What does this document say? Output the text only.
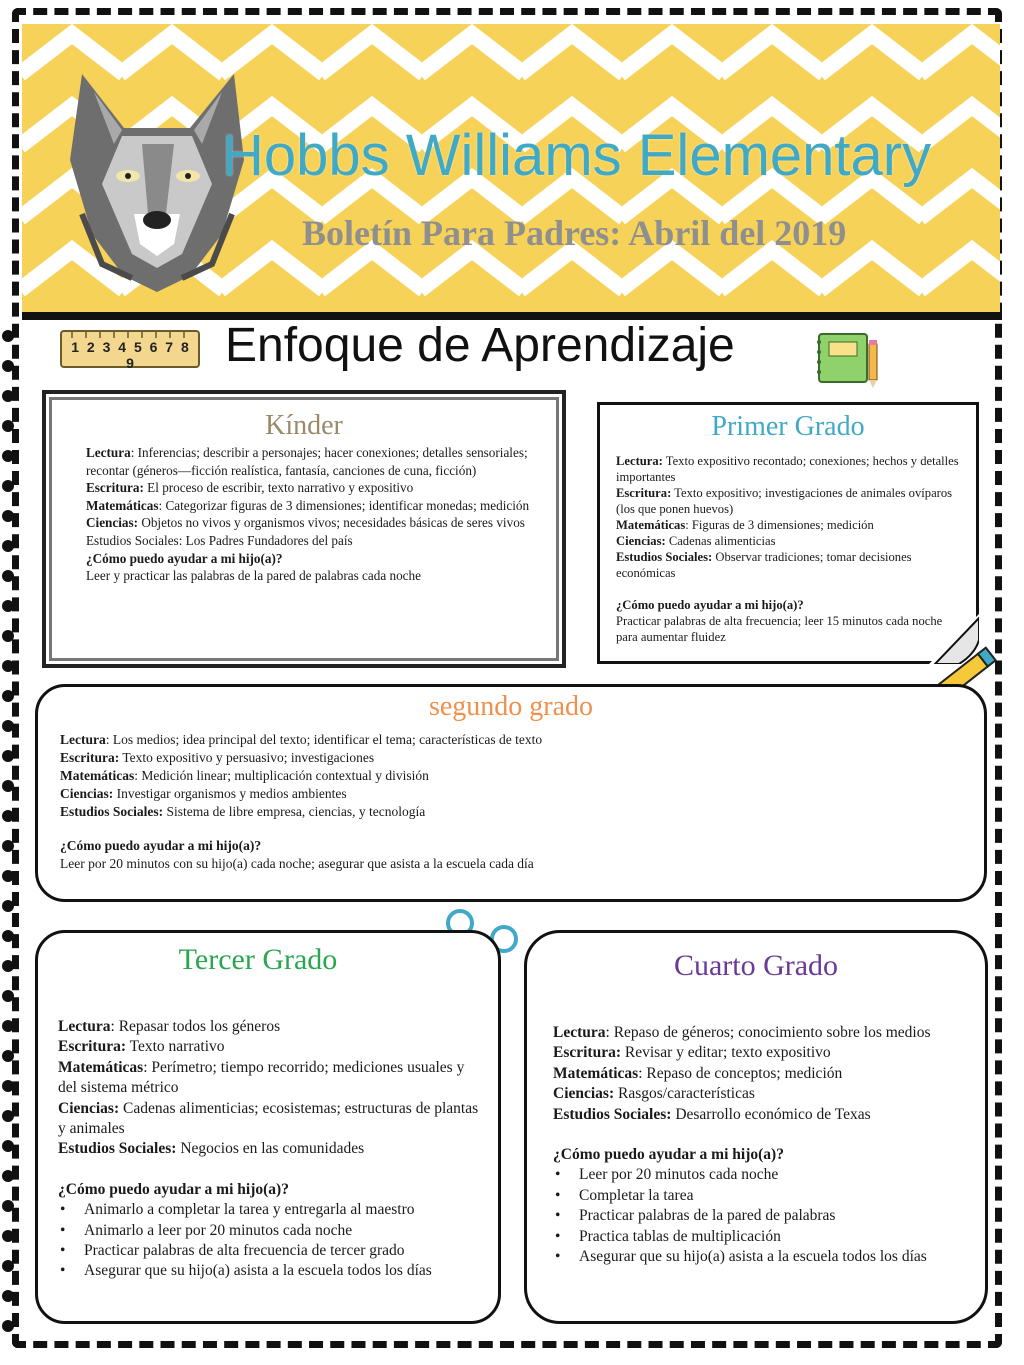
Hobbs Williams Elementary
Boletín Para Padres: Abril del 2019
1 2 3 4 5 6 7 8 9	Enfoque de Aprendizaje
Kínder

Lectura: Inferencias; describir a personajes; hacer conexiones; detalles sensoriales; recontar (géneros—ficción realística, fantasía, canciones de cuna, ficción)

Escritura: El proceso de escribir, texto narrativo y expositivo

Matemáticas: Categorizar figuras de 3 dimensiones; identificar monedas; medición

Ciencias: Objetos no vivos y organismos vivos; necesidades básicas de seres vivos

Estudios Sociales: Los Padres Fundadores del país

¿Cómo puedo ayudar a mi hijo(a)?

Leer y practicar las palabras de la pared de palabras cada noche

Primer Grado

Lectura: Texto expositivo recontado; conexiones; hechos y detalles importantes

Escritura: Texto expositivo; investigaciones de animales ovíparos (los que ponen huevos)

Matemáticas: Figuras de 3 dimensiones; medición

Ciencias: Cadenas alimenticias

Estudios Sociales: Observar tradiciones; tomar decisiones económicas

¿Cómo puedo ayudar a mi hijo(a)?

Practicar palabras de alta frecuencia; leer 15 minutos cada noche para aumentar fluidez

segundo grado

Lectura: Los medios; idea principal del texto; identificar el tema; características de texto

Escritura: Texto expositivo y persuasivo; investigaciones

Matemáticas: Medición linear; multiplicación contextual y división

Ciencias: Investigar organismos y medios ambientes

Estudios Sociales: Sistema de libre empresa, ciencias, y tecnología

¿Cómo puedo ayudar a mi hijo(a)?

Leer por 20 minutos con su hijo(a) cada noche; asegurar que asista a la escuela cada día

Tercer Grado

Lectura: Repasar todos los géneros

Escritura: Texto narrativo

Matemáticas: Perímetro; tiempo recorrido; mediciones usuales y del sistema métrico

Ciencias: Cadenas alimenticias; ecosistemas; estructuras de plantas y animales

Estudios Sociales: Negocios en las comunidades

¿Cómo puedo ayudar a mi hijo(a)?

• Animarlo a completar la tarea y entregarla al maestro
• Animarlo a leer por 20 minutos cada noche
• Practicar palabras de alta frecuencia de tercer grado
• Asegurar que su hijo(a) asista a la escuela todos los días
Cuarto Grado

Lectura: Repaso de géneros; conocimiento sobre los medios

Escritura: Revisar y editar; texto expositivo

Matemáticas: Repaso de conceptos; medición

Ciencias: Rasgos/características

Estudios Sociales: Desarrollo económico de Texas

¿Cómo puedo ayudar a mi hijo(a)?

• Leer por 20 minutos cada noche
• Completar la tarea
• Practicar palabras de la pared de palabras
• Practica tablas de multiplicación
• Asegurar que su hijo(a) asista a la escuela todos los días
